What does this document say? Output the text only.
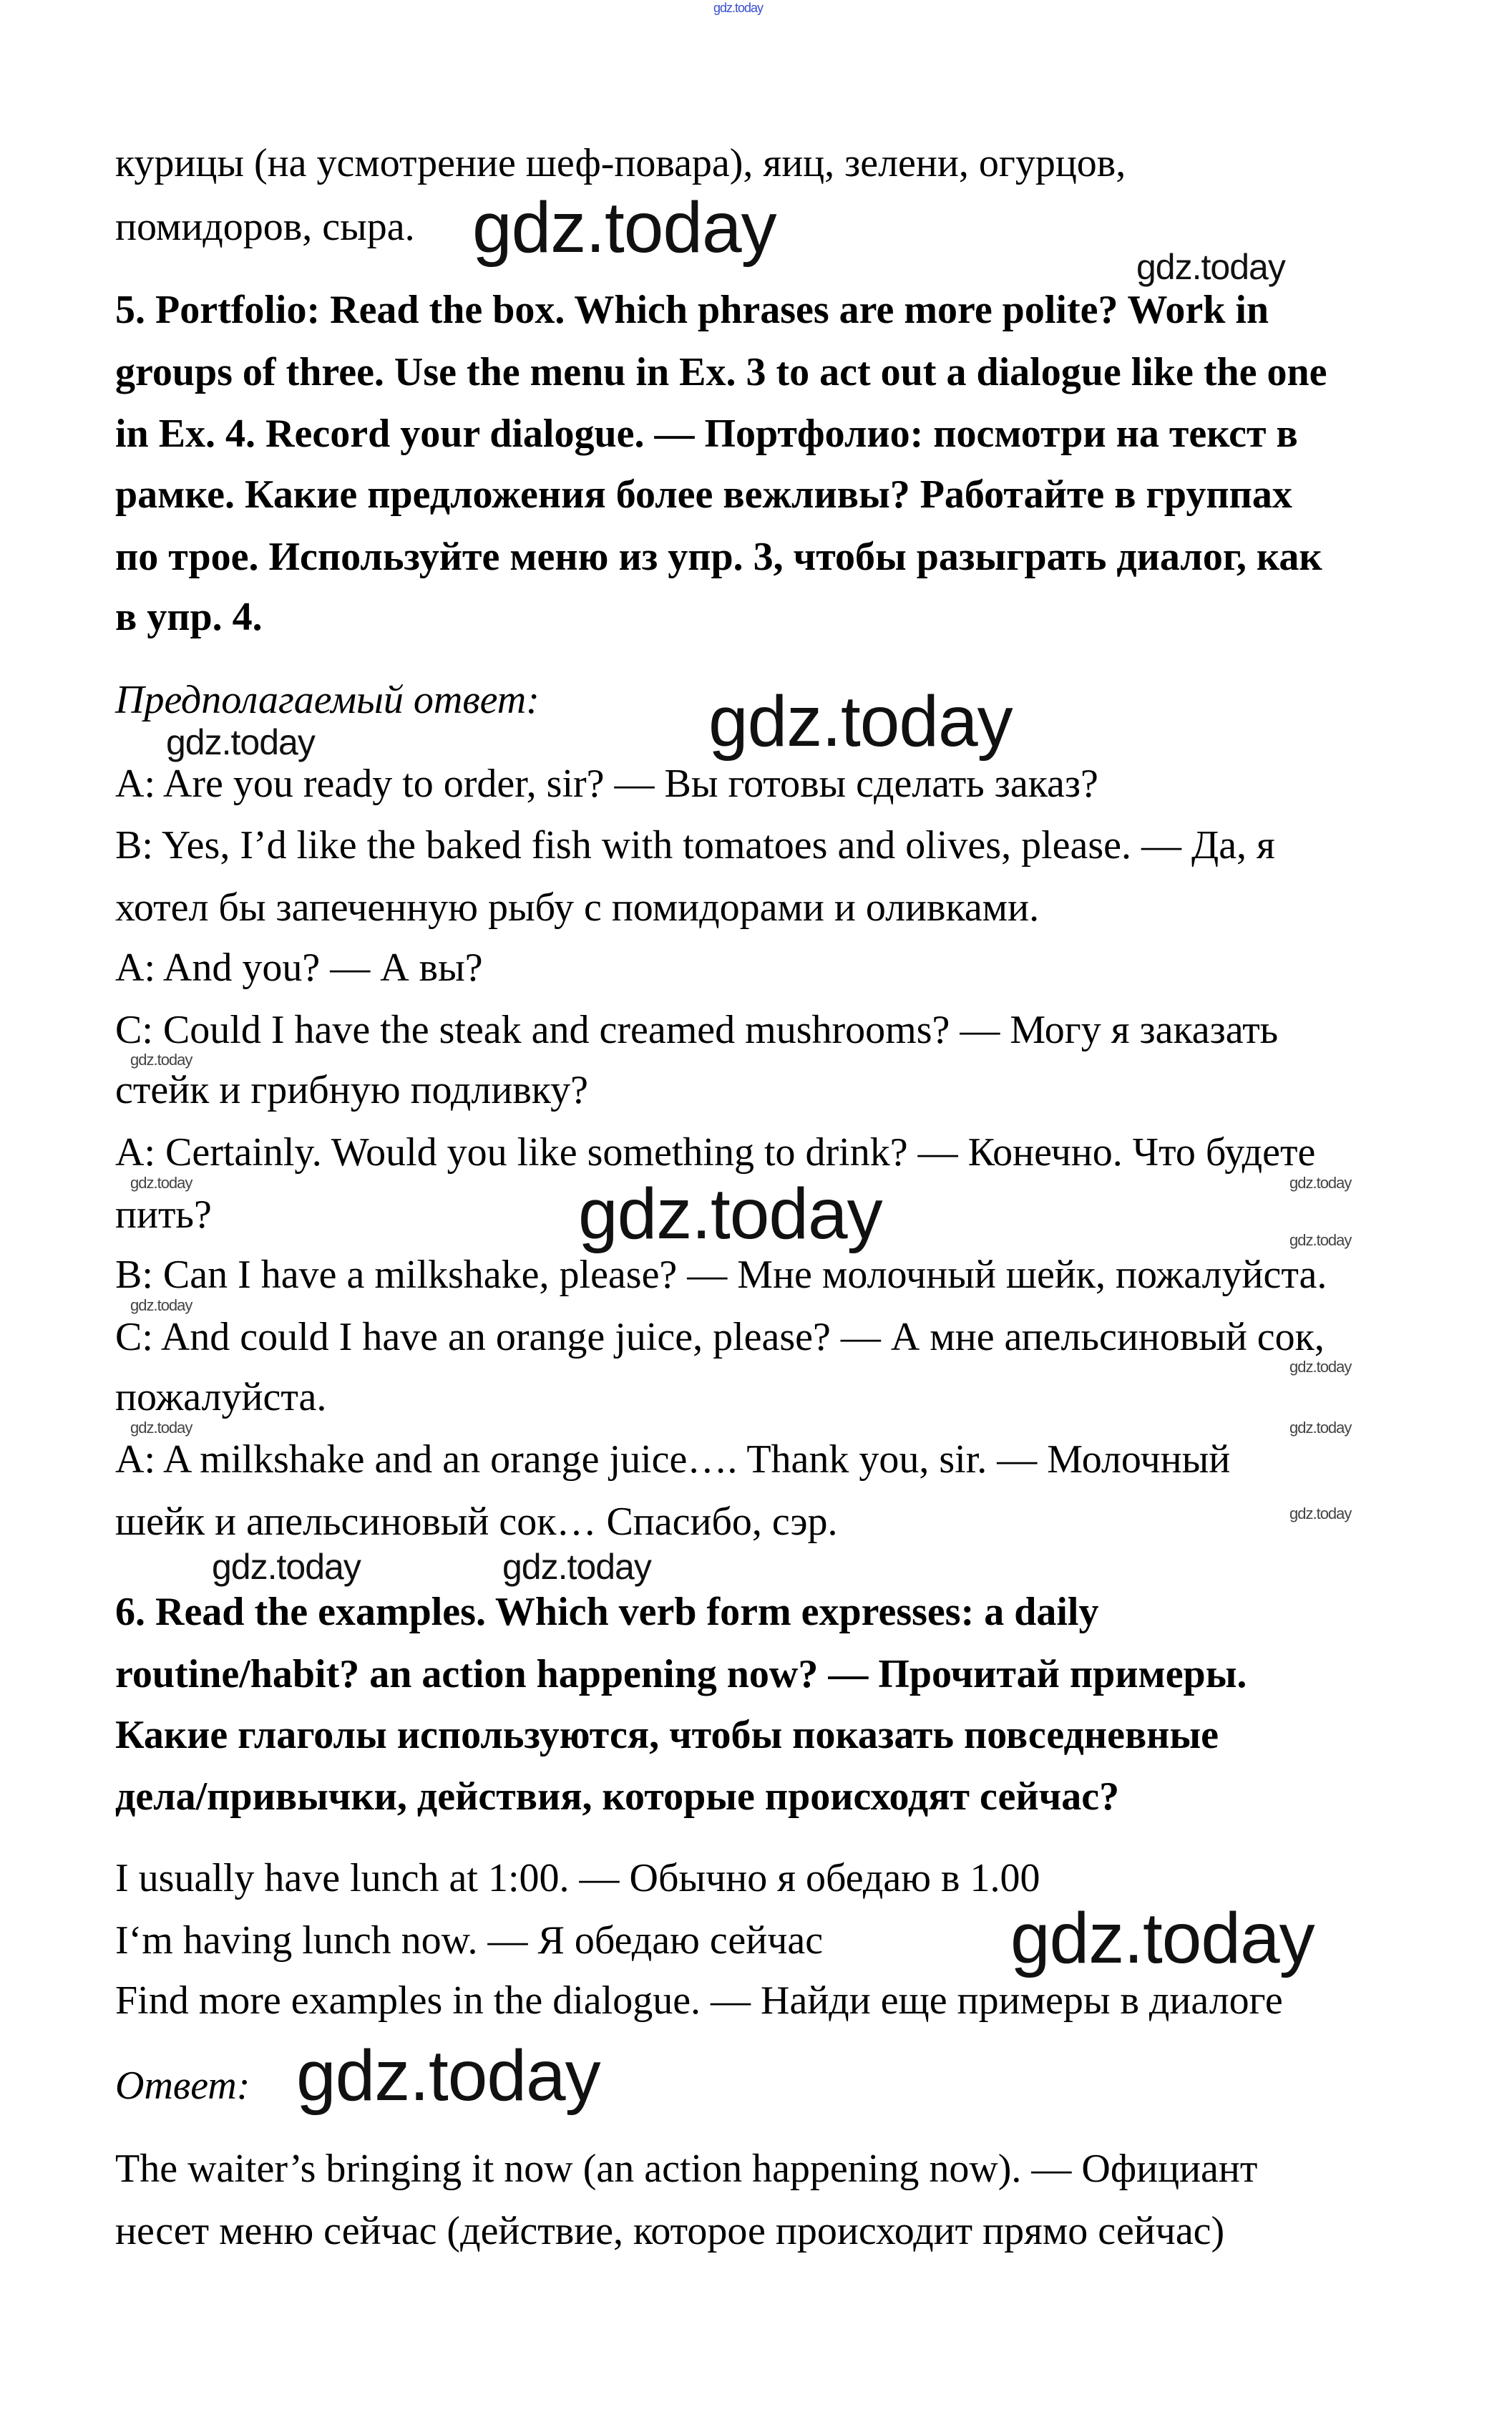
gdz.today
gdz.today	gdz.today
gdz.today	gdz.today
gdz.today
gdz.today	gdz.today
gdz.today	gdz.today
gdz.today
gdz.today
gdz.today	gdz.today
gdz.today
gdz.today	gdz.today
gdz.today
gdz.today
курицы (на усмотрение шеф-повара), яиц, зелени, огурцов,
помидоров, сыра.
5. Portfolio: Read the box. Which phrases are more polite? Work in
groups of three. Use the menu in Ex. 3 to act out a dialogue like the one
in Ex. 4. Record your dialogue. — Портфолио: посмотри на текст в
рамке. Какие предложения более вежливы? Работайте в группах
по трое. Используйте меню из упр. 3, чтобы разыграть диалог, как
в упр. 4.
Предполагаемый ответ:
A: Are you ready to order, sir? — Вы готовы сделать заказ?
B: Yes, I’d like the baked fish with tomatoes and olives, please. — Да, я
хотел бы запеченную рыбу с помидорами и оливками.
A: And you? — А вы?
C: Could I have the steak and creamed mushrooms? — Могу я заказать
стейк и грибную подливку?
A: Certainly. Would you like something to drink? — Конечно. Что будете
пить?
B: Can I have a milkshake, please? — Мне молочный шейк, пожалуйста.
C: And could I have an orange juice, please? — А мне апельсиновый сок,
пожалуйста.
A: A milkshake and an orange juice…. Thank you, sir. — Молочный
шейк и апельсиновый сок… Спасибо, сэр.
6. Read the examples. Which verb form expresses: a daily
routine/habit? an action happening now? — Прочитай примеры.
Какие глаголы используются, чтобы показать повседневные
дела/привычки, действия, которые происходят сейчас?
I usually have lunch at 1:00. — Обычно я обедаю в 1.00
I‘m having lunch now. — Я обедаю сейчас
Find more examples in the dialogue. — Найди еще примеры в диалоге
Ответ:
The waiter’s bringing it now (an action happening now). — Официант
несет меню сейчас (действие, которое происходит прямо сейчас)
